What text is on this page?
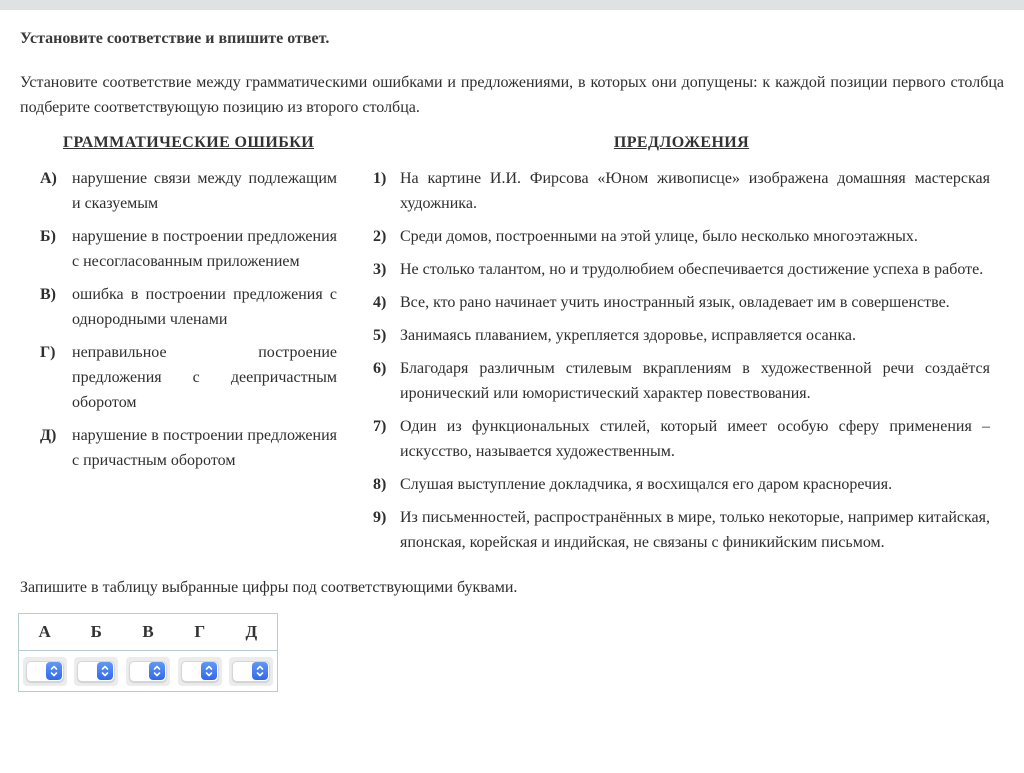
Установите соответствие и впишите ответ.

Установите соответствие между грамматическими ошибками и предложениями, в которых они допущены: к каждой позиции первого столбца подберите соответствующую позицию из второго столбца.

ГРАММАТИЧЕСКИЕ ОШИБКИ
А) нарушение связи между подлежащим и сказуемым
Б)	нарушение в построении предложения с несогласованным приложением
В)	ошибка в построении предложения с однородными членами
Г)	неправильное построение предложения с деепричастным оборотом
Д) нарушение в построении предложения с причастным оборотом
ПРЕДЛОЖЕНИЯ
1) На картине И.И. Фирсова «Юном живописце» изображена домашняя мастерская художника.
2) Среди домов, построенными на этой улице, было несколько многоэтажных.
3) Не столько талантом, но и трудолюбием обеспечивается достижение успеха в работе.
4) Все, кто рано начинает учить иностранный язык, овладевает им в совершенстве.
5) Занимаясь плаванием, укрепляется здоровье, исправляется осанка.
6) Благодаря различным стилевым вкраплениям в художественной речи создаётся иронический или юмористический характер повествования.
7) Один из функциональных стилей, который имеет особую сферу применения – искусство, называется художественным.
8) Слушая выступление докладчика, я восхищался его даром красноречия.
9) Из письменностей, распространённых в мире, только некоторые, например китайская, японская, корейская и индийская, не связаны с финикийским письмом.

Запишите в таблицу выбранные цифры под соответствующими буквами.

А	Б	В	Г	Д
